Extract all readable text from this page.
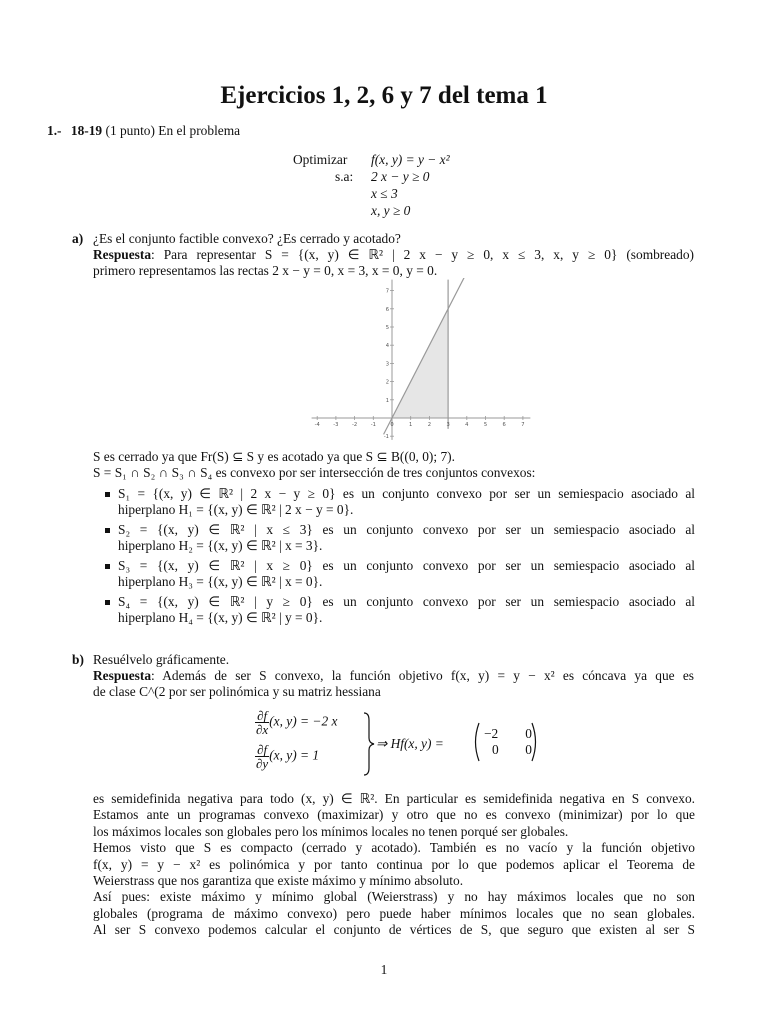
Ejercicios 1, 2, 6 y 7 del tema 1
1.- 18-19 (1 punto) En el problema
Optimizar f(x, y) = y − x²
s.a: 2 x − y ≥ 0
x ≤ 3
x, y ≥ 0
a) ¿Es el conjunto factible convexo? ¿Es cerrado y acotado?
Respuesta: Para representar S = {(x, y) ∈ ℝ² | 2 x − y ≥ 0, x ≤ 3, x, y ≥ 0} (sombreado)
primero representamos las rectas 2 x − y = 0, x = 3, x = 0, y = 0.
-4	-3	-2	-1	0	1	2	3	4	5	6	7
-1
1
2
3
4
5
6
7
S es cerrado ya que Fr(S) ⊆ S y es acotado ya que S ⊆ B((0, 0); 7).
S = S₁ ∩ S₂ ∩ S₃ ∩ S₄ es convexo por ser intersección de tres conjuntos convexos:
S₁ = {(x, y) ∈ ℝ² | 2 x − y ≥ 0} es un conjunto convexo por ser un semiespacio asociado al
hiperplano H₁ = {(x, y) ∈ ℝ² | 2 x − y = 0}.
S₂ = {(x, y) ∈ ℝ² | x ≤ 3} es un conjunto convexo por ser un semiespacio asociado al
hiperplano H₂ = {(x, y) ∈ ℝ² | x = 3}.
S₃ = {(x, y) ∈ ℝ² | x ≥ 0} es un conjunto convexo por ser un semiespacio asociado al
hiperplano H₃ = {(x, y) ∈ ℝ² | x = 0}.
S₄ = {(x, y) ∈ ℝ² | y ≥ 0} es un conjunto convexo por ser un semiespacio asociado al
hiperplano H₄ = {(x, y) ∈ ℝ² | y = 0}.
b) Resuélvelo gráficamente.
Respuesta: Además de ser S convexo, la función objetivo f(x, y) = y − x² es cóncava ya que es
de clase C^(2 por ser polinómica y su matriz hessiana
$\frac{\partial f}{\partial x} (x$, y) = −2 x
$\frac{\partial f}{\partial y} (x$, y) = 1
⇒ Hf(x, y) =
−2 0
0 0
es semidefinida negativa para todo (x, y) ∈ ℝ². En particular es semidefinida negativa en S convexo.
Estamos ante un programas convexo (maximizar) y otro que no es convexo (minimizar) por lo que
los máximos locales son globales pero los mínimos locales no tenen porqué ser globales.
Hemos visto que S es compacto (cerrado y acotado). También es no vacío y la función objetivo
f(x, y) = y − x² es polinómica y por tanto continua por lo que podemos aplicar el Teorema de
Weierstrass que nos garantiza que existe máximo y mínimo absoluto.
Así pues: existe máximo y mínimo global (Weierstrass) y no hay máximos locales que no son
globales (programa de máximo convexo) pero puede haber mínimos locales que no sean globales.
Al ser S convexo podemos calcular el conjunto de vértices de S, que seguro que existen al ser S
1
